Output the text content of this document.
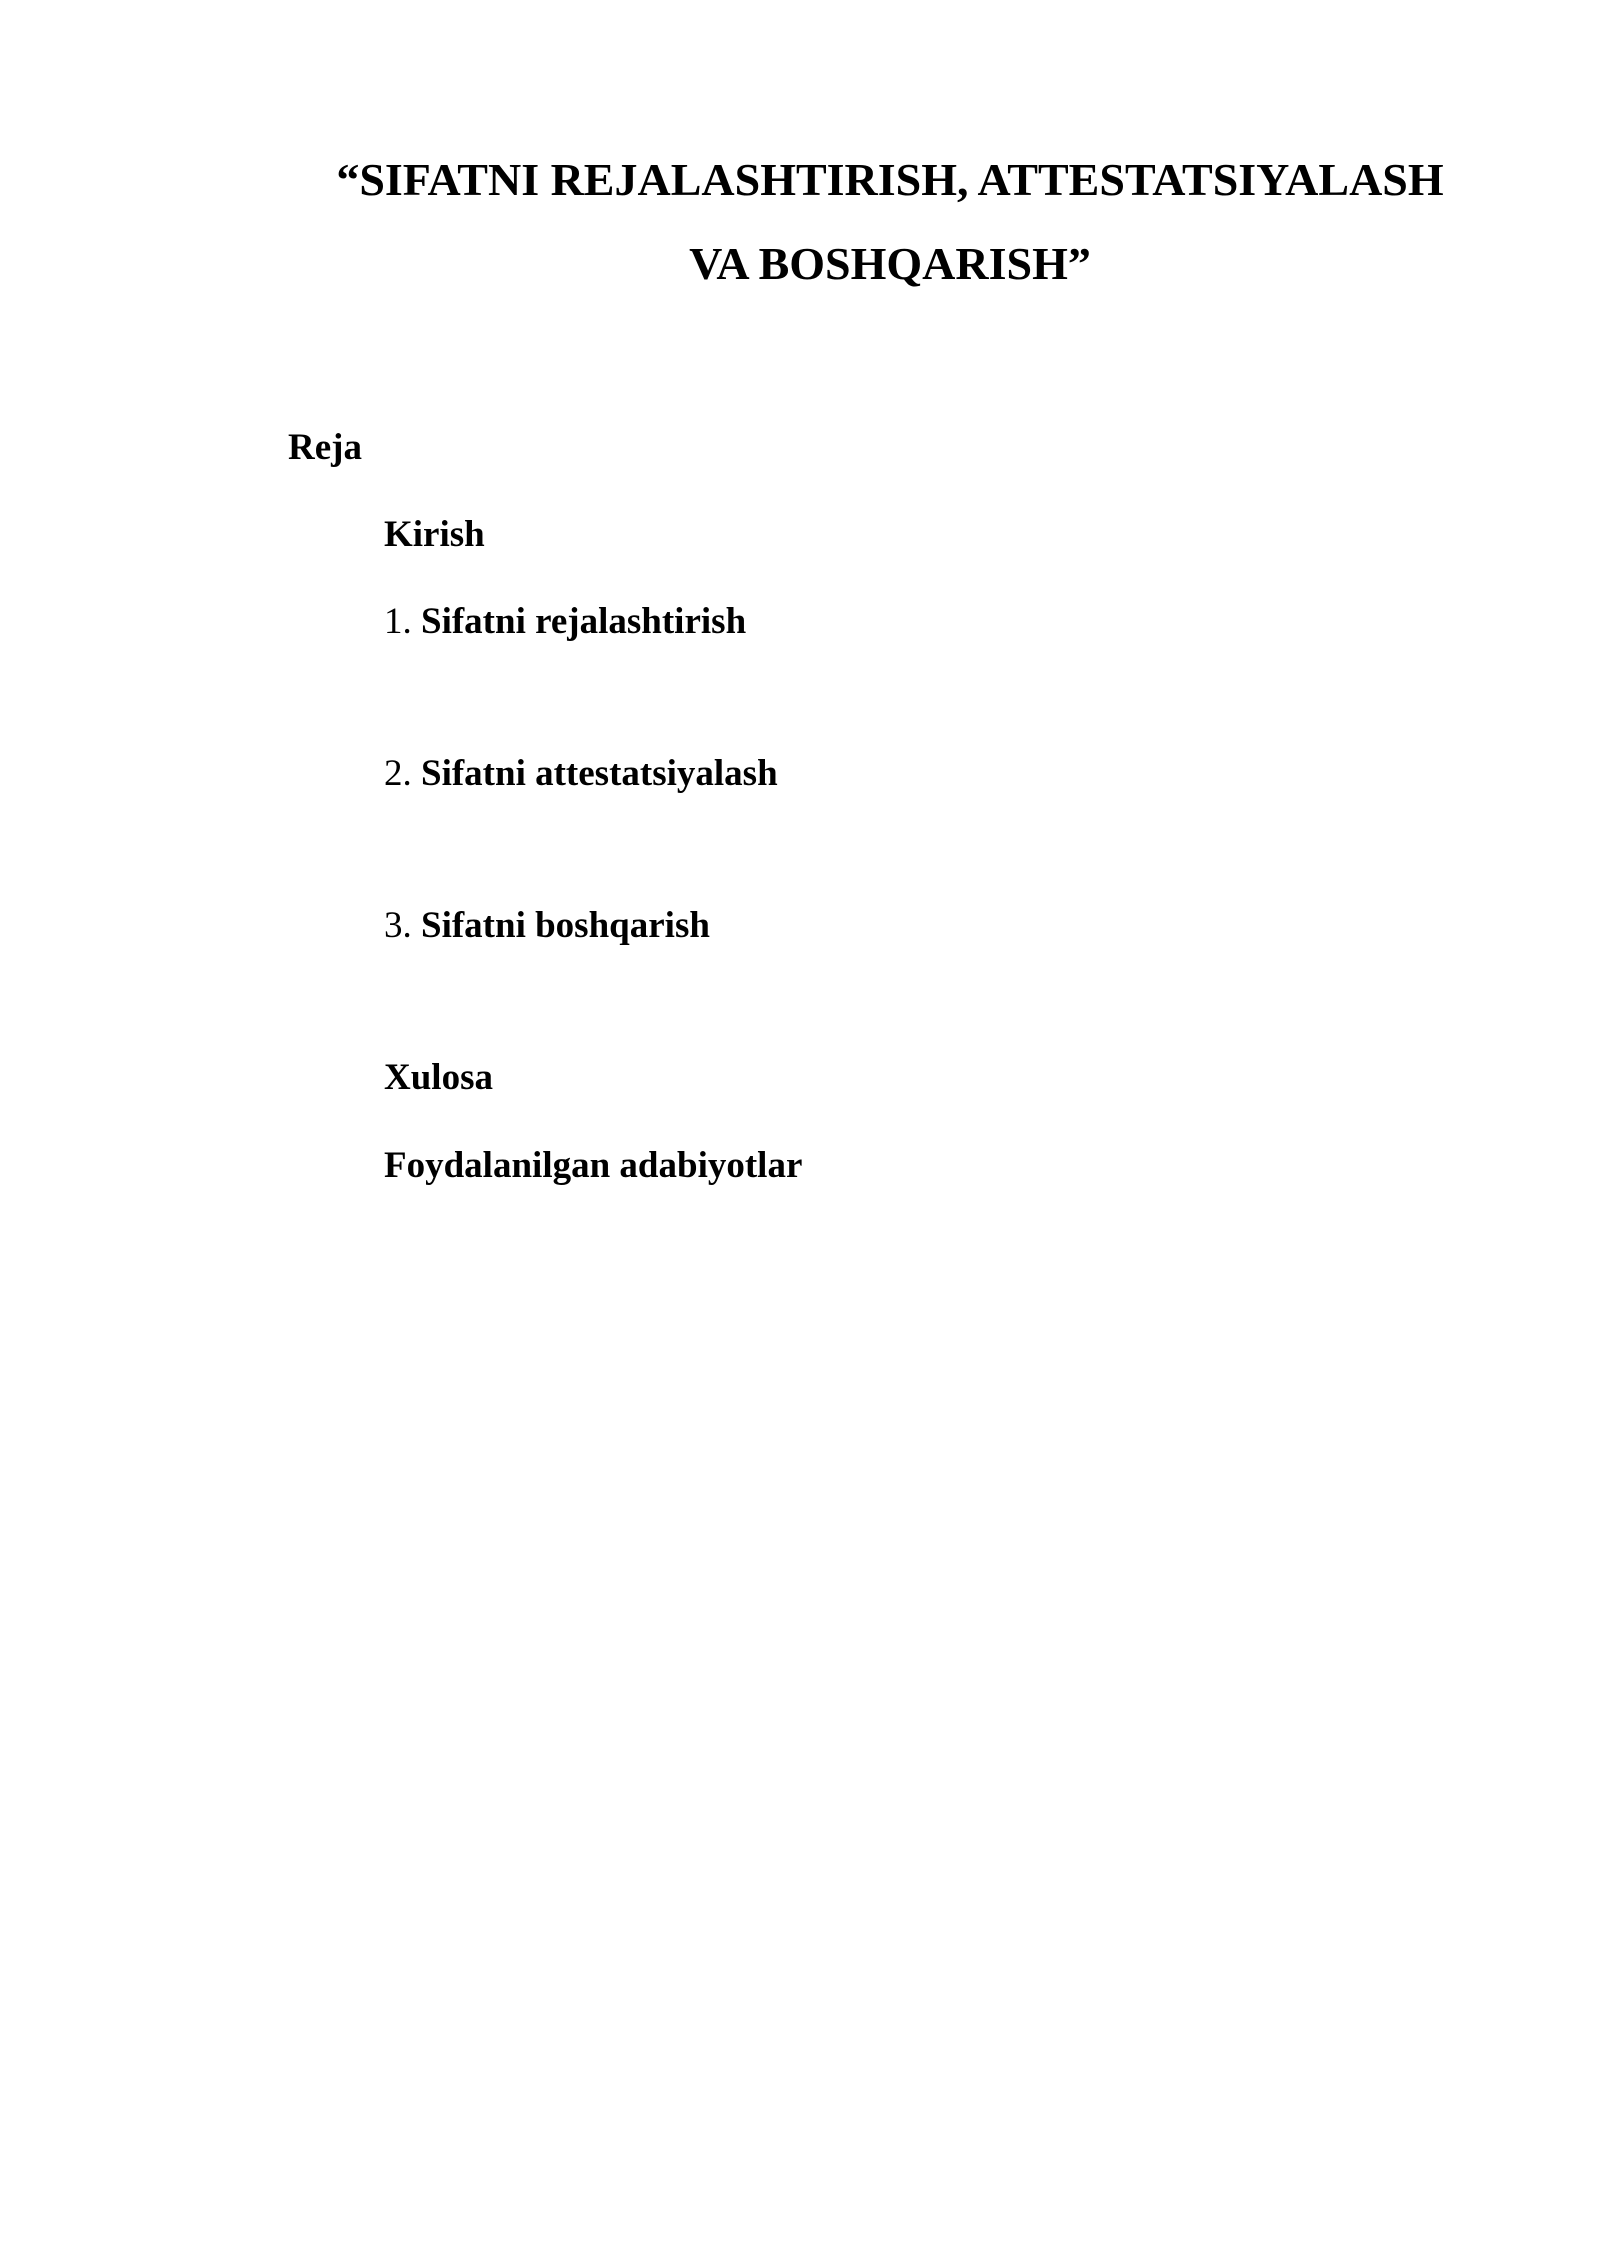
“SIFATNI REJALASHTIRISH, ATTESTATSIYALASH
VA BOSHQARISH”
Reja

Kirish

1. Sifatni rejalashtirish

2. Sifatni attestatsiyalash

3. Sifatni boshqarish

Xulosa

Foydalanilgan adabiyotlar
